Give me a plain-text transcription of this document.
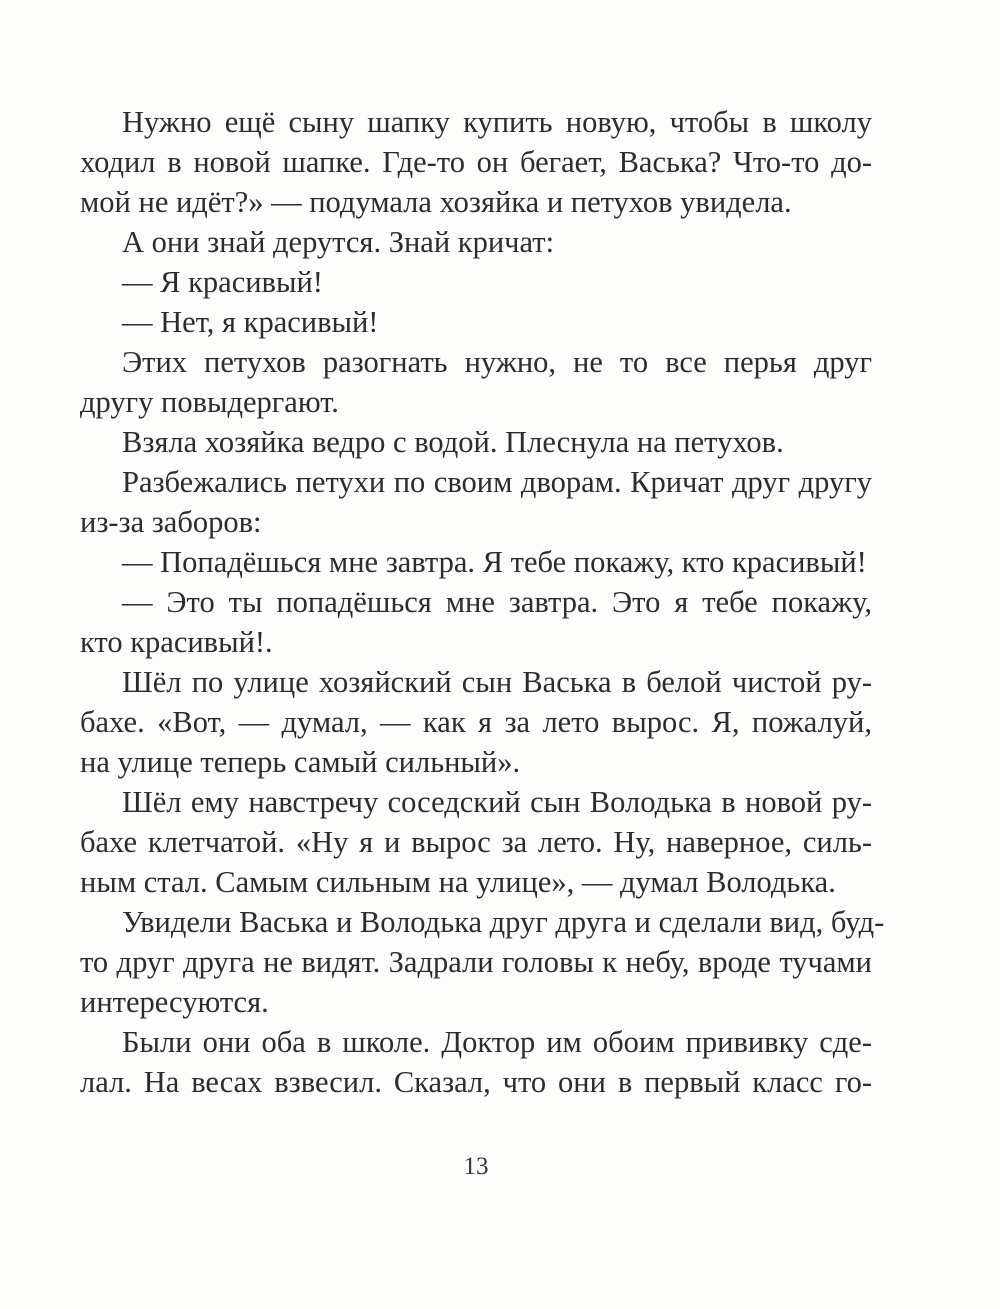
Нужно ещё сыну шапку купить новую, чтобы в школу
ходил в новой шапке. Где-то он бегает, Васька? Что-то до-
мой не идёт?» — подумала хозяйка и петухов увидела.
А они знай дерутся. Знай кричат:
— Я красивый!
— Нет, я красивый!
Этих петухов разогнать нужно, не то все перья друг
другу повыдергают.
Взяла хозяйка ведро с водой. Плеснула на петухов.
Разбежались петухи по своим дворам. Кричат друг другу
из-за заборов:
— Попадёшься мне завтра. Я тебе покажу, кто красивый!
— Это ты попадёшься мне завтра. Это я тебе покажу,
кто красивый!.
Шёл по улице хозяйский сын Васька в белой чистой ру-
бахе. «Вот, — думал, — как я за лето вырос. Я, пожалуй,
на улице теперь самый сильный».
Шёл ему навстречу соседский сын Володька в новой ру-
бахе клетчатой. «Ну я и вырос за лето. Ну, наверное, силь-
ным стал. Самым сильным на улице», — думал Володька.
Увидели Васька и Володька друг друга и сделали вид, буд-
то друг друга не видят. Задрали головы к небу, вроде тучами
интересуются.
Были они оба в школе. Доктор им обоим прививку сде-
лал. На весах взвесил. Сказал, что они в первый класс го-
13
